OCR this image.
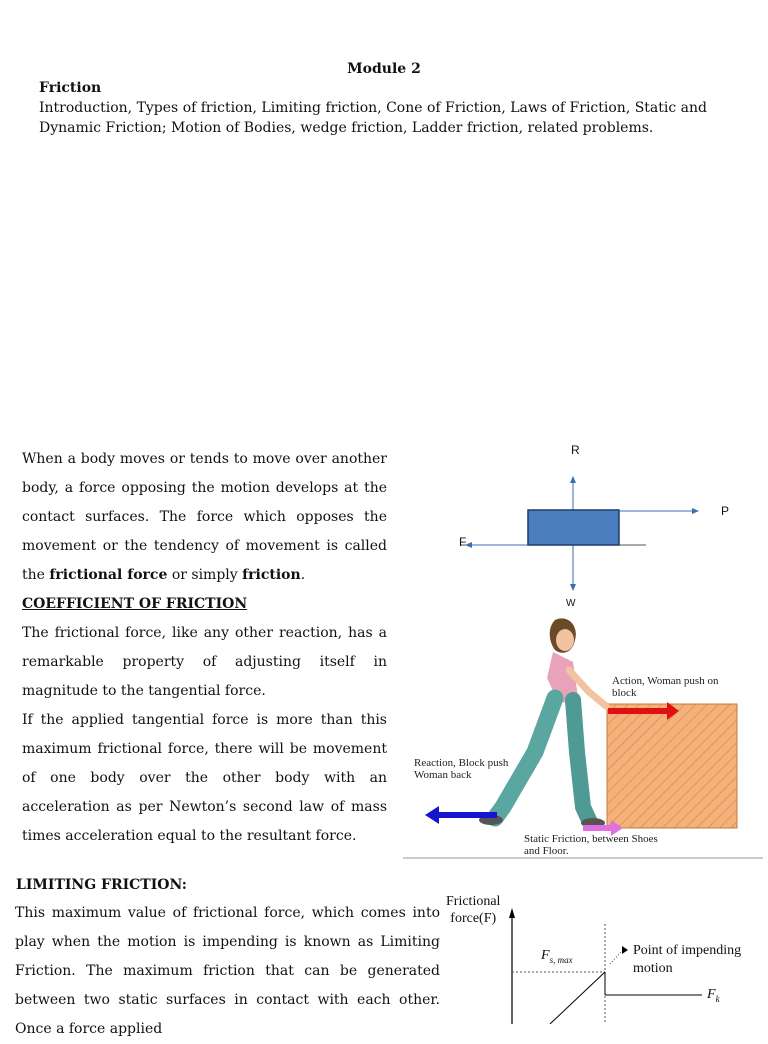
Module 2
Friction
Introduction, Types of friction, Limiting friction, Cone of Friction, Laws of Friction, Static and Dynamic Friction; Motion of Bodies, wedge friction, Ladder friction, related problems.

When a body moves or tends to move over another body, a force opposing the motion develops at the contact surfaces. The force which opposes the movement or the tendency of movement is called the frictional force or simply friction.

COEFFICIENT OF FRICTION

The frictional force, like any other reaction, has a remarkable property of adjusting itself in magnitude to the tangential force.

If the applied tangential force is more than this maximum frictional force, there will be movement of one body over the other body with an acceleration as per Newton’s second law of mass times acceleration equal to the resultant force.

R
P
F
W
Action, Woman push on block
Reaction, Block push Woman back
Static Friction, between Shoes and Floor.
LIMITING FRICTION:

This maximum value of frictional force, which comes into play when the motion is impending is known as Limiting Friction. The maximum friction that can be generated between two static surfaces in contact with each other. Once a force applied

Frictional
force(F)
$F_{s, max}$
Point of impending
motion
$F_k$
